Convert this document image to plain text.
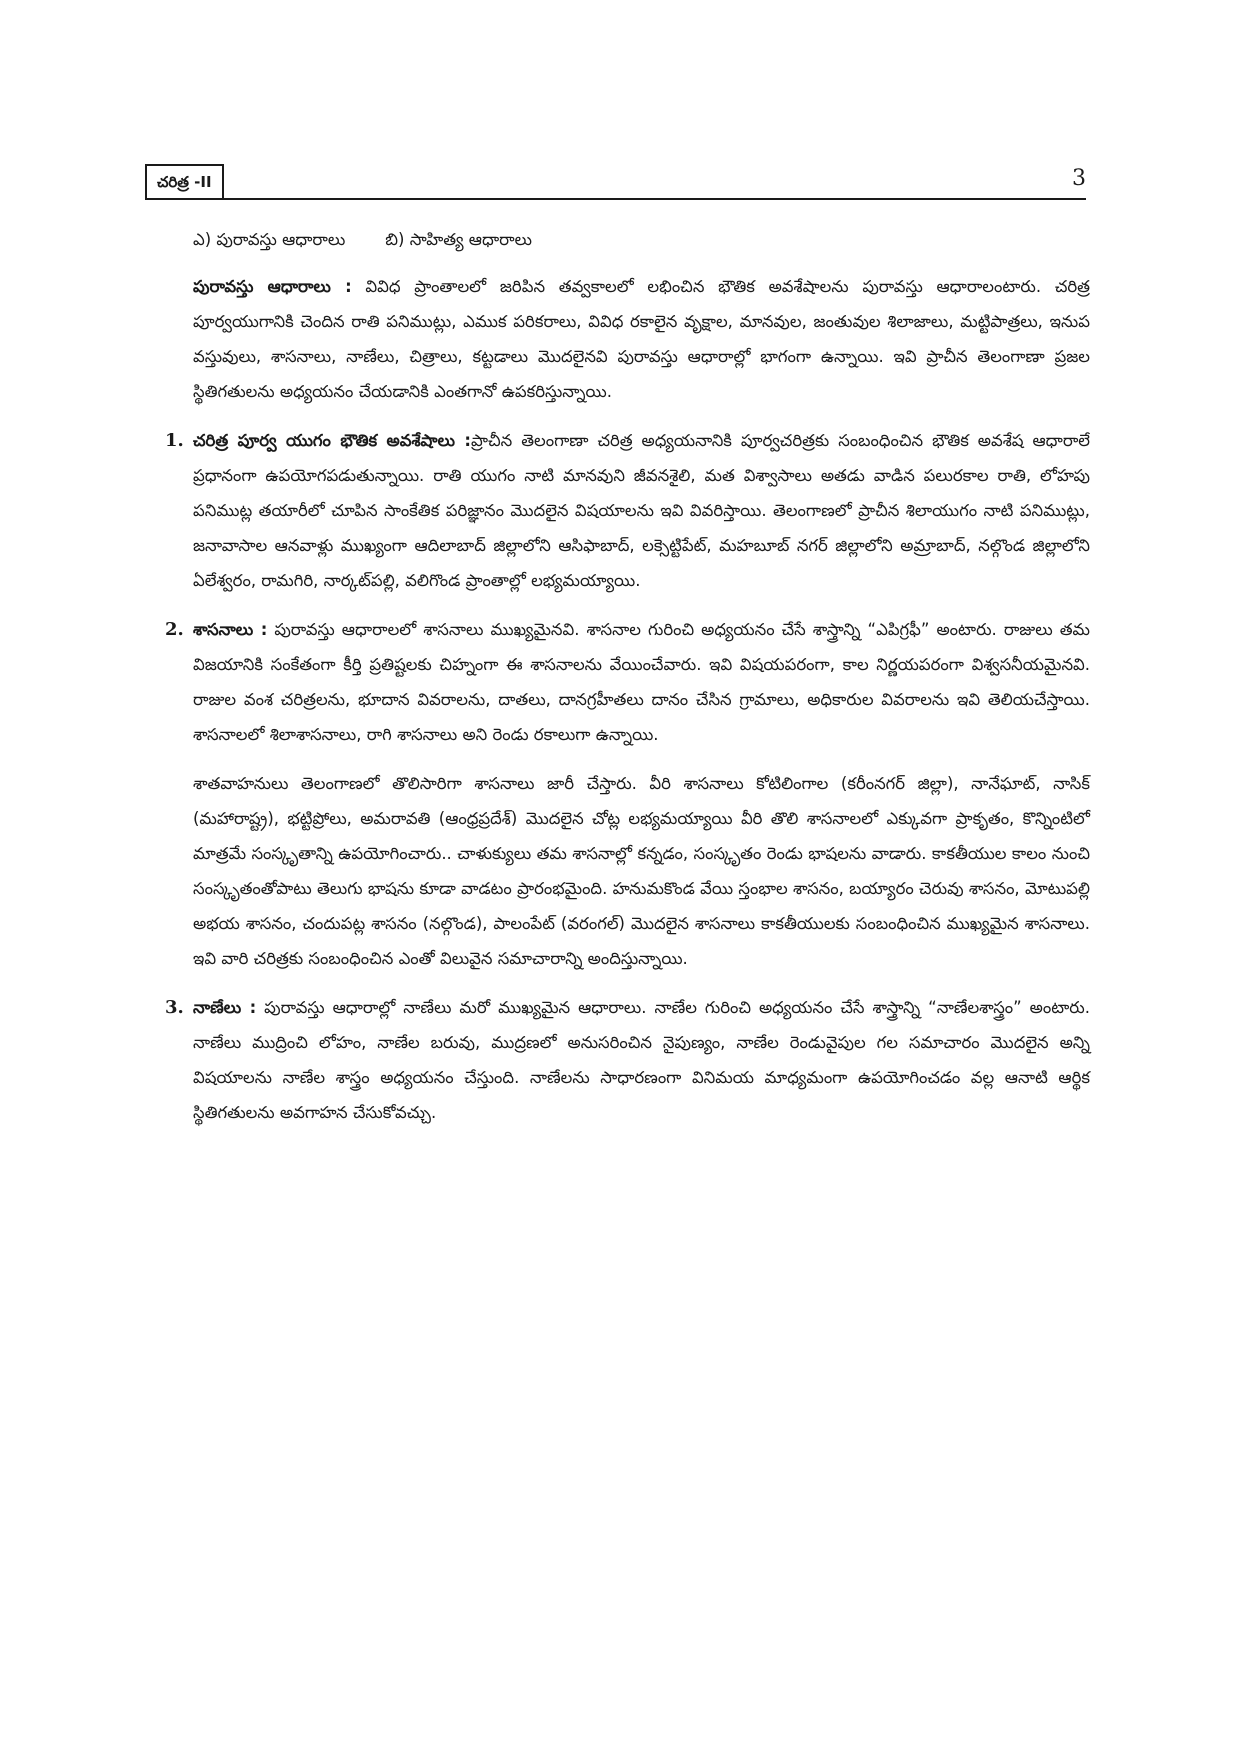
చరిత్ర -II	3
ఎ) పురావస్తు ఆధారాలు బి) సాహిత్య ఆధారాలు

పురావస్తు ఆధారాలు : వివిధ ప్రాంతాలలో జరిపిన తవ్వకాలలో లభించిన భౌతిక అవశేషాలను పురావస్తు ఆధారాలంటారు. చరిత్ర పూర్వయుగానికి చెందిన రాతి పనిముట్లు, ఎముక పరికరాలు, వివిధ రకాలైన వృక్షాల, మానవుల, జంతువుల శిలాజాలు, మట్టిపాత్రలు, ఇనుప వస్తువులు, శాసనాలు, నాణేలు, చిత్రాలు, కట్టడాలు మొదలైనవి పురావస్తు ఆధారాల్లో భాగంగా ఉన్నాయి. ఇవి ప్రాచీన తెలంగాణా ప్రజల స్థితిగతులను అధ్యయనం చేయడానికి ఎంతగానో ఉపకరిస్తున్నాయి.

1. చరిత్ర పూర్వ యుగం భౌతిక అవశేషాలు :ప్రాచీన తెలంగాణా చరిత్ర అధ్యయనానికి పూర్వచరిత్రకు సంబంధించిన భౌతిక అవశేష ఆధారాలే ప్రధానంగా ఉపయోగపడుతున్నాయి. రాతి యుగం నాటి మానవుని జీవనశైలి, మత విశ్వాసాలు అతడు వాడిన పలురకాల రాతి, లోహపు పనిముట్ల తయారీలో చూపిన సాంకేతిక పరిజ్ఞానం మొదలైన విషయాలను ఇవి వివరిస్తాయి. తెలంగాణలో ప్రాచీన శిలాయుగం నాటి పనిముట్లు, జనావాసాల ఆనవాళ్లు ముఖ్యంగా ఆదిలాబాద్ జిల్లాలోని ఆసిఫాబాద్, లక్సెట్టిపేట్, మహబూబ్ నగర్ జిల్లాలోని అమ్రాబాద్, నల్గొండ జిల్లాలోని ఏలేశ్వరం, రామగిరి, నార్కట్‌పల్లి, వలిగొండ ప్రాంతాల్లో లభ్యమయ్యాయి.

2. శాసనాలు : పురావస్తు ఆధారాలలో శాసనాలు ముఖ్యమైనవి. శాసనాల గురించి అధ్యయనం చేసే శాస్త్రాన్ని “ఎపిగ్రఫీ” అంటారు. రాజులు తమ విజయానికి సంకేతంగా కీర్తి ప్రతిష్టలకు చిహ్నంగా ఈ శాసనాలను వేయించేవారు. ఇవి విషయపరంగా, కాల నిర్ణయపరంగా విశ్వసనీయమైనవి. రాజుల వంశ చరిత్రలను, భూదాన వివరాలను, దాతలు, దానగ్రహీతలు దానం చేసిన గ్రామాలు, అధికారుల వివరాలను ఇవి తెలియచేస్తాయి. శాసనాలలో శిలాశాసనాలు, రాగి శాసనాలు అని రెండు రకాలుగా ఉన్నాయి.

శాతవాహనులు తెలంగాణలో తొలిసారిగా శాసనాలు జారీ చేస్తారు. వీరి శాసనాలు కోటిలింగాల (కరీంనగర్ జిల్లా), నానేఘాట్, నాసిక్ (మహారాష్ట్ర), భట్టిప్రోలు, అమరావతి (ఆంధ్రప్రదేశ్) మొదలైన చోట్ల లభ్యమయ్యాయి వీరి తొలి శాసనాలలో ఎక్కువగా ప్రాకృతం, కొన్నింటిలో మాత్రమే సంస్కృతాన్ని ఉపయోగించారు.. చాళుక్యులు తమ శాసనాల్లో కన్నడం, సంస్కృతం రెండు భాషలను వాడారు. కాకతీయుల కాలం నుంచి సంస్కృతంతోపాటు తెలుగు భాషను కూడా వాడటం ప్రారంభమైంది. హనుమకొండ వేయి స్తంభాల శాసనం, బయ్యారం చెరువు శాసనం, మోటుపల్లి అభయ శాసనం, చందుపట్ల శాసనం (నల్గొండ), పాలంపేట్ (వరంగల్) మొదలైన శాసనాలు కాకతీయులకు సంబంధించిన ముఖ్యమైన శాసనాలు. ఇవి వారి చరిత్రకు సంబంధించిన ఎంతో విలువైన సమాచారాన్ని అందిస్తున్నాయి.

3. నాణేలు : పురావస్తు ఆధారాల్లో నాణేలు మరో ముఖ్యమైన ఆధారాలు. నాణేల గురించి అధ్యయనం చేసే శాస్త్రాన్ని “నాణేలశాస్త్రం” అంటారు. నాణేలు ముద్రించి లోహం, నాణేల బరువు, ముద్రణలో అనుసరించిన నైపుణ్యం, నాణేల రెండువైపుల గల సమాచారం మొదలైన అన్ని విషయాలను నాణేల శాస్త్రం అధ్యయనం చేస్తుంది. నాణేలను సాధారణంగా వినిమయ మాధ్యమంగా ఉపయోగించడం వల్ల ఆనాటి ఆర్థిక స్థితిగతులను అవగాహన చేసుకోవచ్చు.
